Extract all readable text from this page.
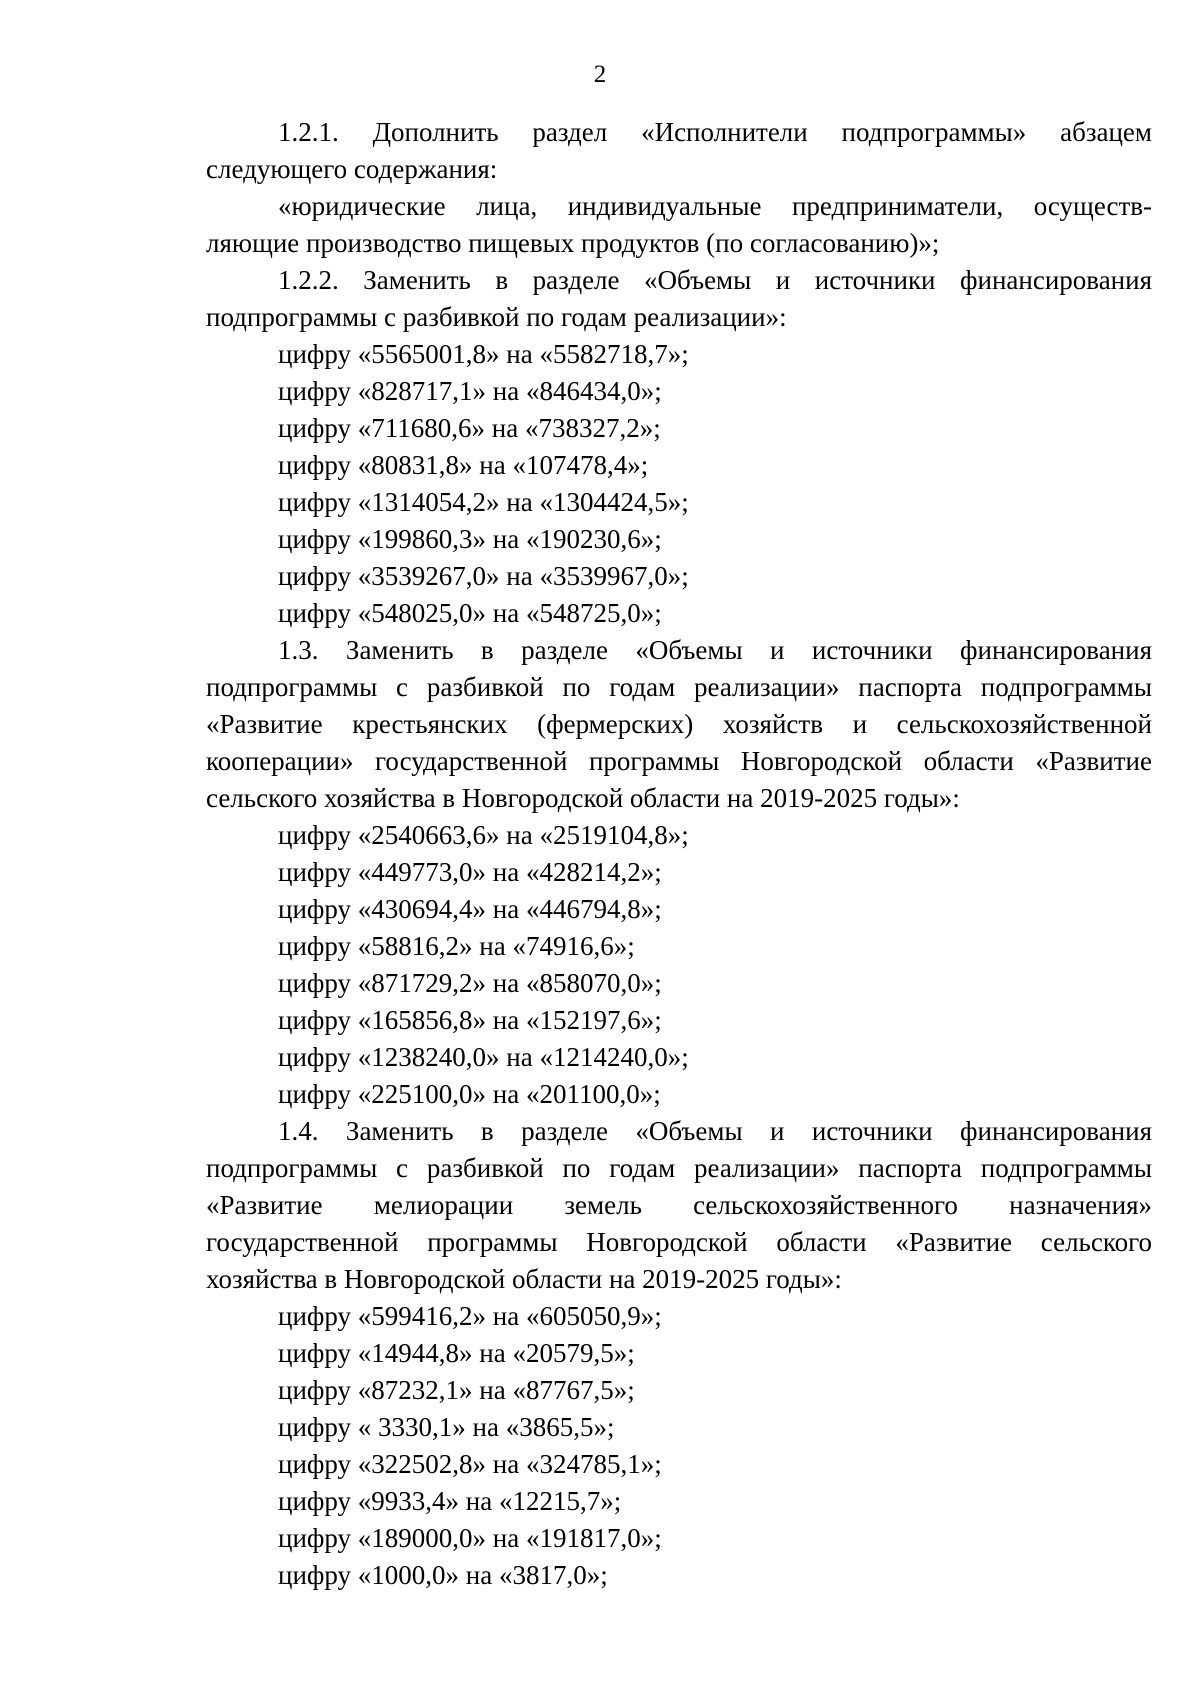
2
1.2.1. Дополнить раздел «Исполнители подпрограммы» абзацем
следующего содержания:
«юридические лица, индивидуальные предприниматели, осуществ-
ляющие производство пищевых продуктов (по согласованию)»;
1.2.2. Заменить в разделе «Объемы и источники финансирования
подпрограммы с разбивкой по годам реализации»:

цифру «5565001,8» на «5582718,7»;

цифру «828717,1» на «846434,0»;

цифру «711680,6» на «738327,2»;

цифру «80831,8» на «107478,4»;

цифру «1314054,2» на «1304424,5»;

цифру «199860,3» на «190230,6»;

цифру «3539267,0» на «3539967,0»;

цифру «548025,0» на «548725,0»;

1.3. Заменить в разделе «Объемы и источники финансирования
подпрограммы с разбивкой по годам реализации» паспорта подпрограммы
«Развитие крестьянских (фермерских) хозяйств и сельскохозяйственной
кооперации» государственной программы Новгородской области «Развитие
сельского хозяйства в Новгородской области на 2019-2025 годы»:

цифру «2540663,6» на «2519104,8»;

цифру «449773,0» на «428214,2»;

цифру «430694,4» на «446794,8»;

цифру «58816,2» на «74916,6»;

цифру «871729,2» на «858070,0»;

цифру «165856,8» на «152197,6»;

цифру «1238240,0» на «1214240,0»;

цифру «225100,0» на «201100,0»;

1.4. Заменить в разделе «Объемы и источники финансирования
подпрограммы с разбивкой по годам реализации» паспорта подпрограммы
«Развитие мелиорации земель сельскохозяйственного назначения»
государственной программы Новгородской области «Развитие сельского
хозяйства в Новгородской области на 2019-2025 годы»:

цифру «599416,2» на «605050,9»;

цифру «14944,8» на «20579,5»;

цифру «87232,1» на «87767,5»;

цифру « 3330,1» на «3865,5»;

цифру «322502,8» на «324785,1»;

цифру «9933,4» на «12215,7»;

цифру «189000,0» на «191817,0»;

цифру «1000,0» на «3817,0»;
